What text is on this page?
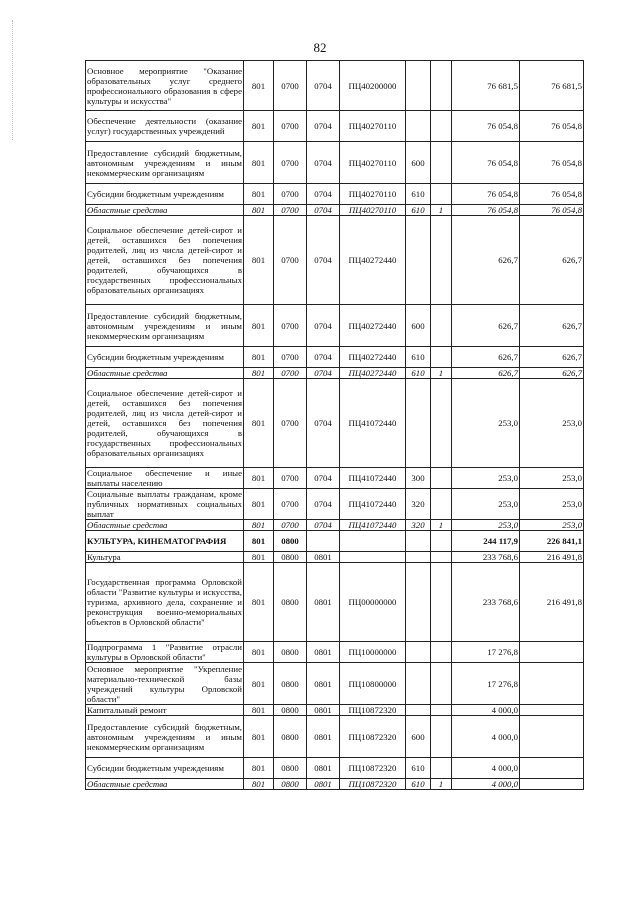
82
Основное мероприятие "Оказание образовательных услуг среднего профессионального образования в сфере культуры и искусства"	801	0700	0704	ПЦ40200000			76 681,5	76 681,5
Обеспечение деятельности (оказание услуг) государственных учреждений	801	0700	0704	ПЦ40270110			76 054,8	76 054,8
Предоставление субсидий бюджетным, автономным учреждениям и иным некоммерческим организациям	801	0700	0704	ПЦ40270110	600		76 054,8	76 054,8
Субсидии бюджетным учреждениям	801	0700	0704	ПЦ40270110	610		76 054,8	76 054,8
Областные средства	801	0700	0704	ПЦ40270110	610	1	76 054,8	76 054,8
Социальное обеспечение детей-сирот и детей, оставшихся без попечения родителей, лиц из числа детей-сирот и детей, оставшихся без попечения родителей, обучающихся в государственных профессиональных образовательных организациях	801	0700	0704	ПЦ40272440			626,7	626,7
Предоставление субсидий бюджетным, автономным учреждениям и иным некоммерческим организациям	801	0700	0704	ПЦ40272440	600		626,7	626,7
Субсидии бюджетным учреждениям	801	0700	0704	ПЦ40272440	610		626,7	626,7
Областные средства	801	0700	0704	ПЦ40272440	610	1	626,7	626,7
Социальное обеспечение детей-сирот и детей, оставшихся без попечения родителей, лиц из числа детей-сирот и детей, оставшихся без попечения родителей, обучающихся в государственных профессиональных образовательных организациях	801	0700	0704	ПЦ41072440			253,0	253,0
Социальное обеспечение и иные выплаты населению	801	0700	0704	ПЦ41072440	300		253,0	253,0
Социальные выплаты гражданам, кроме публичных нормативных социальных выплат	801	0700	0704	ПЦ41072440	320		253,0	253,0
Областные средства	801	0700	0704	ПЦ41072440	320	1	253,0	253,0
КУЛЬТУРА, КИНЕМАТОГРАФИЯ	801	0800					244 117,9	226 841,1
Культура	801	0800	0801				233 768,6	216 491,8
Государственная программа Орловской области "Развитие культуры и искусства, туризма, архивного дела, сохранение и реконструкция военно-мемориальных объектов в Орловской области"	801	0800	0801	ПЦ00000000			233 768,6	216 491,8
Подпрограмма 1 "Развитие отрасли культуры в Орловской области"	801	0800	0801	ПЦ10000000			17 276,8	
Основное мероприятие "Укрепление материально-технической базы учреждений культуры Орловской области"	801	0800	0801	ПЦ10800000			17 276,8	
Капитальный ремонт	801	0800	0801	ПЦ10872320			4 000,0	
Предоставление субсидий бюджетным, автономным учреждениям и иным некоммерческим организациям	801	0800	0801	ПЦ10872320	600		4 000,0	
Субсидии бюджетным учреждениям	801	0800	0801	ПЦ10872320	610		4 000,0	
Областные средства	801	0800	0801	ПЦ10872320	610	1	4 000,0	
